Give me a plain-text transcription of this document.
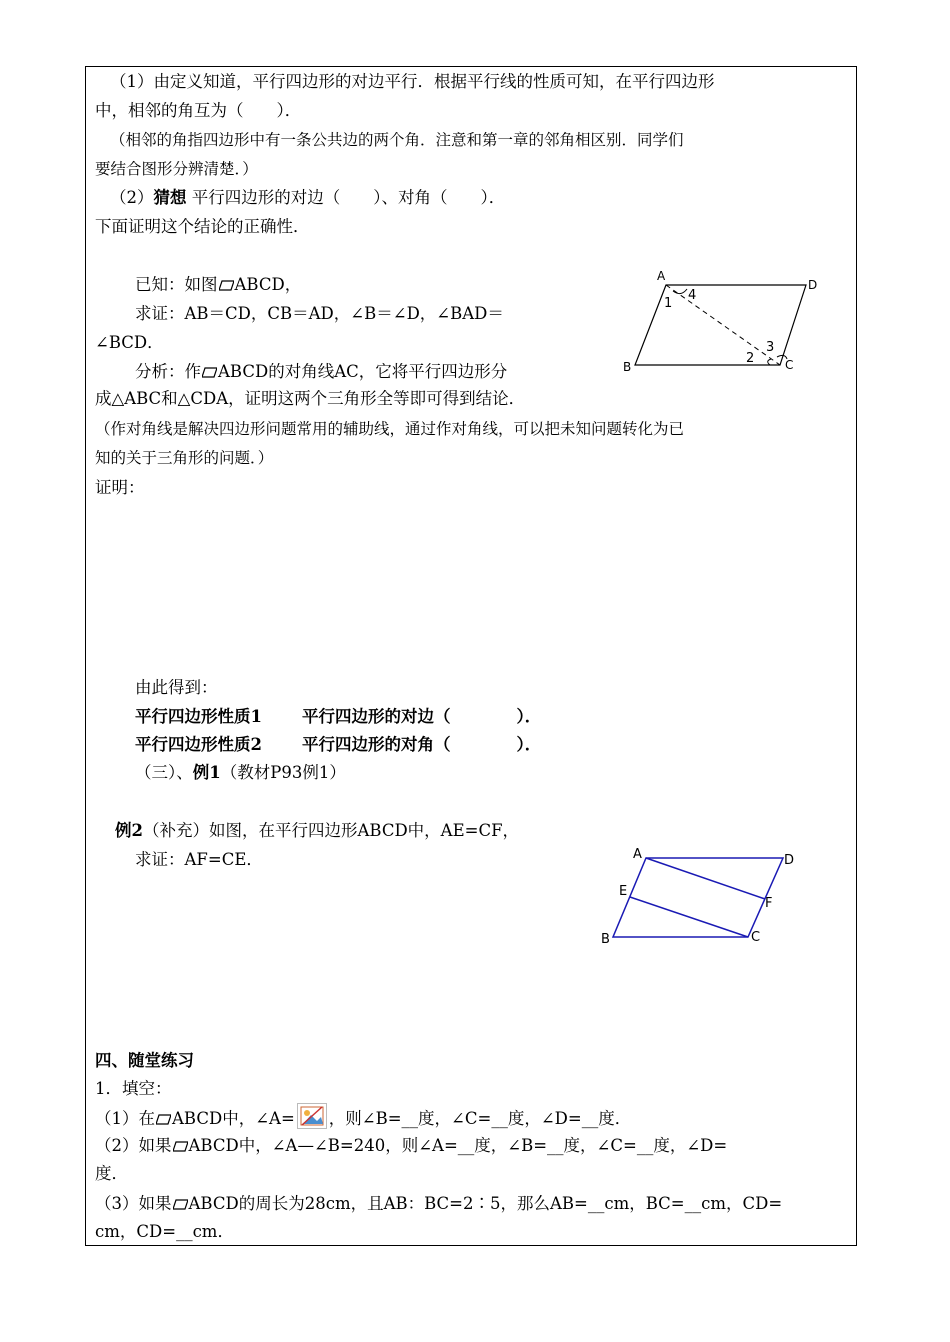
（1）由定义知道，平行四边形的对边平行．根据平行线的性质可知，在平行四边形
中，相邻的角互为（　　）．
（相邻的角指四边形中有一条公共边的两个角．注意和第一章的邻角相区别．同学们
要结合图形分辨清楚．）
（2）猜想 平行四边形的对边（　　）、对角（　　）．
下面证明这个结论的正确性．
已知：如图 ABCD，
求证：AB＝CD，CB＝AD，∠B＝∠D，∠BAD＝
∠BCD．
分析：作 ABCD的对角线AC，它将平行四边形分
成△ABC和△CDA，证明这两个三角形全等即可得到结论．
（作对角线是解决四边形问题常用的辅助线，通过作对角线，可以把未知问题转化为已
知的关于三角形的问题．）
证明：
A
D
B	C
1
2
3
4
由此得到：
平行四边形性质1 平行四边形的对边（　　　　）．
平行四边形性质2 平行四边形的对角（　　　　）．
（三）、例1（教材P93例1）
例2（补充）如图，在平行四边形ABCD中，AE=CF，
求证：AF=CE．	A	D
B	C
E
F
四、随堂练习
1．填空：
（1）在 ABCD中，∠A= ，则∠B=__度，∠C=__度，∠D=__度．
（2）如果 ABCD中，∠A—∠B=240，则∠A=__度，∠B=__度，∠C=__度，∠D=
度．
（3）如果 ABCD的周长为28cm，且AB：BC=2∶5，那么AB=__cm，BC=__cm，CD=
cm，CD=__cm．
